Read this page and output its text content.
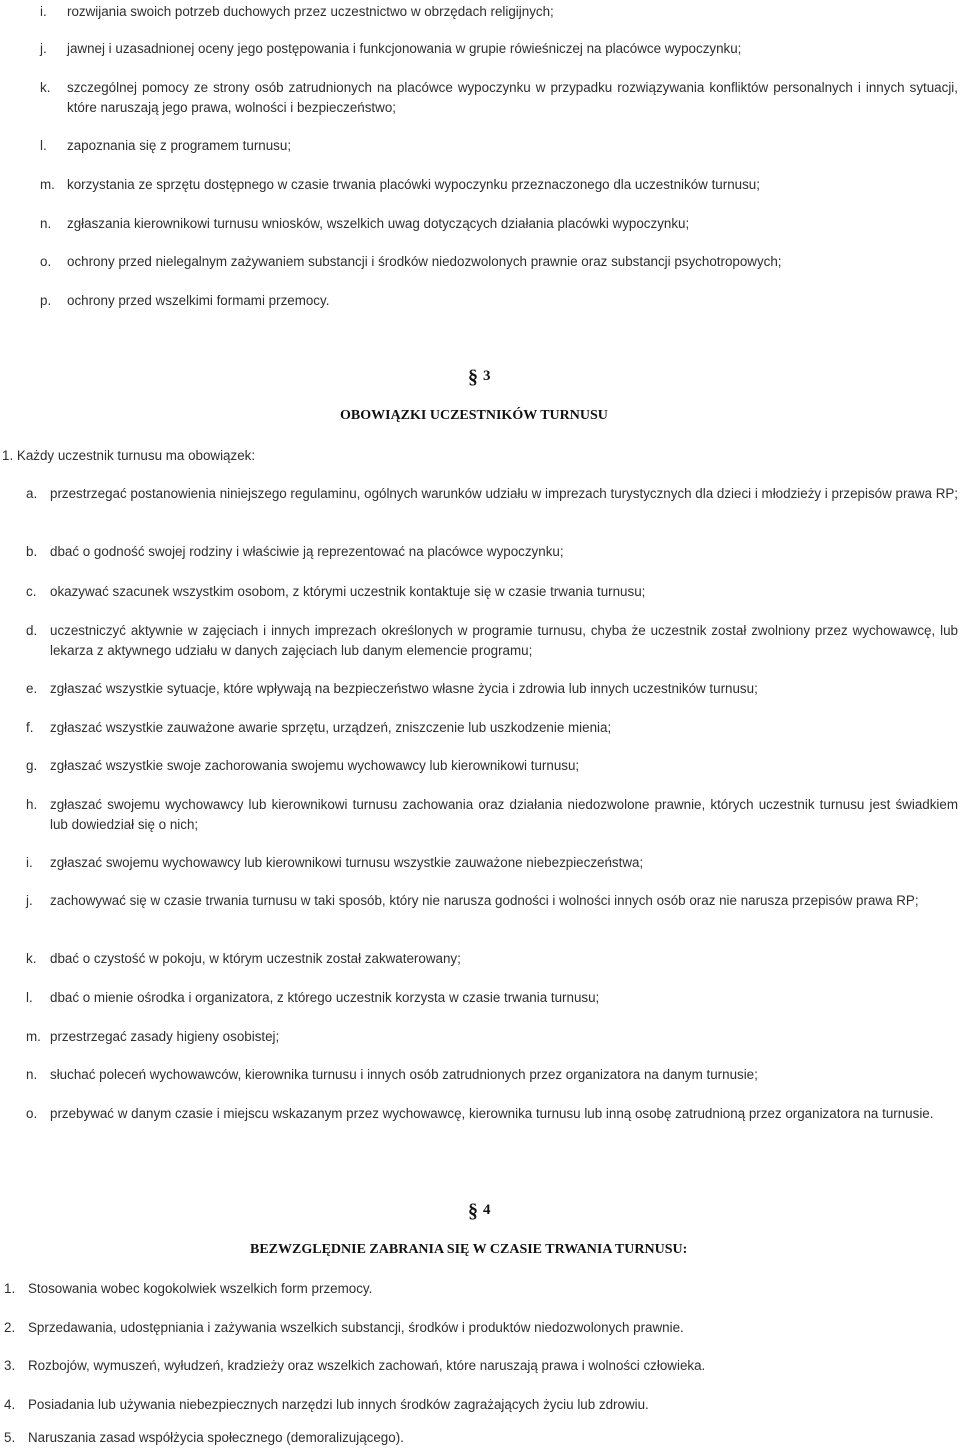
i.	rozwijania swoich potrzeb duchowych przez uczestnictwo w obrzędach religijnych;
j.	jawnej i uzasadnionej oceny jego postępowania i funkcjonowania w grupie rówieśniczej na placówce wypoczynku;
k.	szczególnej pomocy ze strony osób zatrudnionych na placówce wypoczynku w przypadku rozwiązywania konfliktów personalnych i innych sytuacji, które naruszają jego prawa, wolności i bezpieczeństwo;
l.	zapoznania się z programem turnusu;
m. korzystania ze sprzętu dostępnego w czasie trwania placówki wypoczynku przeznaczonego dla uczestników turnusu;
n.	zgłaszania kierownikowi turnusu wniosków, wszelkich uwag dotyczących działania placówki wypoczynku;
o.	ochrony przed nielegalnym zażywaniem substancji i środków niedozwolonych prawnie oraz substancji psychotropowych;
p.	ochrony przed wszelkimi formami przemocy.
§ 3
OBOWIĄZKI UCZESTNIKÓW TURNUSU
1. Każdy uczestnik turnusu ma obowiązek:
a. przestrzegać postanowienia niniejszego regulaminu, ogólnych warunków udziału w imprezach turystycznych dla dzieci i młodzieży i przepisów prawa RP;
b. dbać o godność swojej rodziny i właściwie ją reprezentować na placówce wypoczynku;
c.	okazywać szacunek wszystkim osobom, z którymi uczestnik kontaktuje się w czasie trwania turnusu;
d. uczestniczyć aktywnie w zajęciach i innych imprezach określonych w programie turnusu, chyba że uczestnik został zwolniony przez wychowawcę, lub lekarza z aktywnego udziału w danych zajęciach lub danym elemencie programu;
e. zgłaszać wszystkie sytuacje, które wpływają na bezpieczeństwo własne życia i zdrowia lub innych uczestników turnusu;
f.	zgłaszać wszystkie zauważone awarie sprzętu, urządzeń, zniszczenie lub uszkodzenie mienia;
g. zgłaszać wszystkie swoje zachorowania swojemu wychowawcy lub kierownikowi turnusu;
h. zgłaszać swojemu wychowawcy lub kierownikowi turnusu zachowania oraz działania niedozwolone prawnie, których uczestnik turnusu jest świadkiem lub dowiedział się o nich;
i.	zgłaszać swojemu wychowawcy lub kierownikowi turnusu wszystkie zauważone niebezpieczeństwa;
j.	zachowywać się w czasie trwania turnusu w taki sposób, który nie narusza godności i wolności innych osób oraz nie narusza przepisów prawa RP;
k.	dbać o czystość w pokoju, w którym uczestnik został zakwaterowany;
l.	dbać o mienie ośrodka i organizatora, z którego uczestnik korzysta w czasie trwania turnusu;
m. przestrzegać zasady higieny osobistej;
n. słuchać poleceń wychowawców, kierownika turnusu i innych osób zatrudnionych przez organizatora na danym turnusie;
o. przebywać w danym czasie i miejscu wskazanym przez wychowawcę, kierownika turnusu lub inną osobę zatrudnioną przez organizatora na turnusie.
§ 4
BEZWZGLĘDNIE ZABRANIA SIĘ W CZASIE TRWANIA TURNUSU:
1. Stosowania wobec kogokolwiek wszelkich form przemocy.
2. Sprzedawania, udostępniania i zażywania wszelkich substancji, środków i produktów niedozwolonych prawnie.
3. Rozbojów, wymuszeń, wyłudzeń, kradzieży oraz wszelkich zachowań, które naruszają prawa i wolności człowieka.
4. Posiadania lub używania niebezpiecznych narzędzi lub innych środków zagrażających życiu lub zdrowiu.
5. Naruszania zasad współżycia społecznego (demoralizującego).
